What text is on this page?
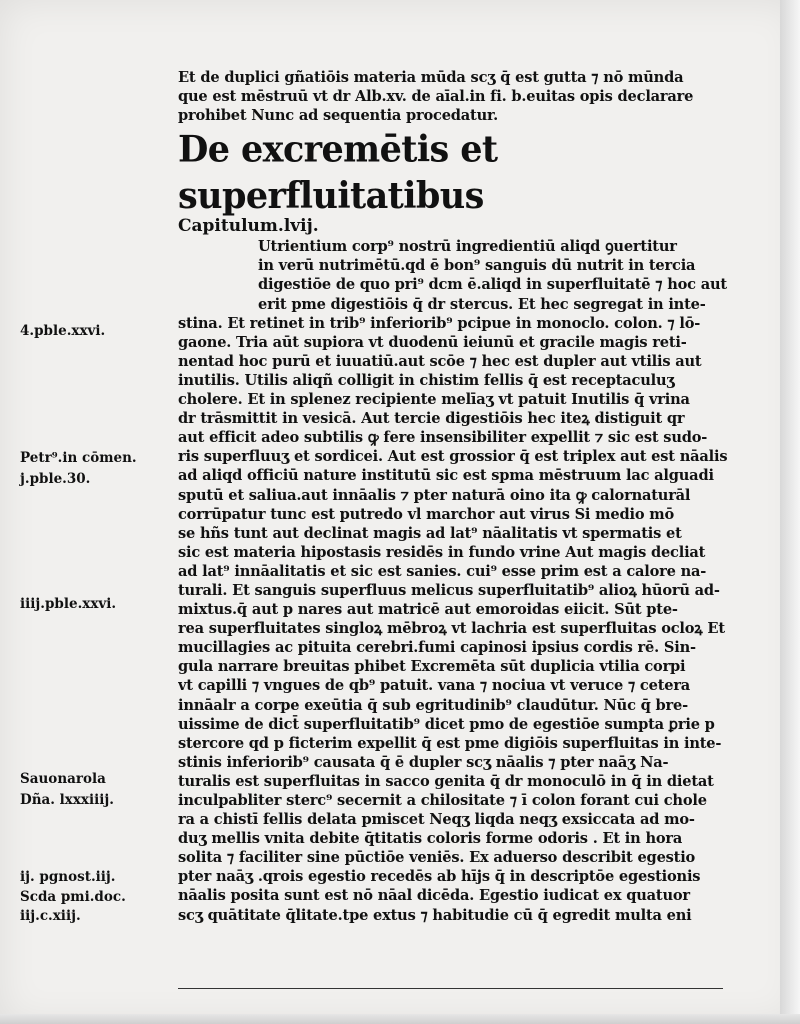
Et de duplici gñatiōis materia mūda scʒ q̄ est gutta ⁊ nō mūnda
que est mēstruū vt dr Alb.xv. de aīal.in fi. b.euitas opis declarare
prohibet Nunc ad sequentia procedatur.
De excremētis et superfluitatibus
Capitulum.lvij.
Utrientium corp⁹ nostrū ingredientiū aliqd ꝯuertitur
in verū nutrimētū.qd ē bon⁹ sanguis dū nutrit in tercia
digestiōe de quo pri⁹ dcm ē.aliqd in superfluitatē ⁊ hoc aut
erit pme digestiōis q̄ dr stercus. Et hec segregat in inte-
stina. Et retinet in trib⁹ inferiorib⁹ pcipue in monoclo. colon. ⁊ lō-
gaone. Tria aūt supiora vt duodenū ieiunū et gracile magis reti-
nentad hoc purū et iuuatiū.aut scōe ⁊ hec est dupler aut vtilis aut
inutilis. Utilis aliqñ colligit in chistim fellis q̄ est receptaculuʒ
cholere. Et in splenez recipiente melīaʒ vt patuit Inutilis q̄ vrina
dr trāsmittit in vesicā. Aut tercie digestiōis hec iteꝝ distiguit qr
aut efficit adeo subtilis ꝙ fere insensibiliter expellit ⁊ sic est sudo-
ris superfluuʒ et sordicei. Aut est grossior q̄ est triplex aut est nāalis
ad aliqd officiū nature institutū sic est spma mēstruum lac alguadi
sputū et saliua.aut innāalis ⁊ pter naturā oino ita ꝙ calornaturāl
corrūpatur tunc est putredo vl marchor aut virus Si medio mō
se hñs tunt aut declinat magis ad lat⁹ nāalitatis vt spermatis et
sic est materia hipostasis residēs in fundo vrine Aut magis decliat
ad lat⁹ innāalitatis et sic est sanies. cui⁹ esse prim est a calore na-
turali. Et sanguis superfluus melicus superfluitatib⁹ alioꝝ hūorū ad-
mixtus.q̄ aut p nares aut matricē aut emoroidas eiicit. Sūt pte-
rea superfluitates singloꝝ mēbroꝝ vt lachria est superfluitas ocloꝝ Et
mucillagies ac pituita cerebri.fumi capinosi ipsius cordis rē. Sin-
gula narrare breuitas phibet Excremēta sūt duplicia vtilia corpi
vt capilli ⁊ vngues de qb⁹ patuit. vana ⁊ nociua vt veruce ⁊ cetera
innāalr a corpe exeūtia q̄ sub egritudinib⁹ claudūtur. Nūc q̄ bre-
uissime de dict̄ superfluitatib⁹ dicet pmo de egestiōe sumpta ꝑrie p
stercore qd p ficterim expellit q̄ est pme digiōis superfluitas in inte-
stinis inferiorib⁹ causata q̄ ē dupler scʒ nāalis ⁊ pter naāʒ Na-
turalis est superfluitas in sacco genita q̄ dr monoculō in q̄ in dietat
inculpabliter sterc⁹ secernit a chilositate ⁊ ī colon forant cui chole
ra a chistī fellis delata pmiscet Neqʒ liqda neqʒ exsiccata ad mo-
duʒ mellis vnita debite q̄titatis coloris forme odoris . Et in hora
solita ⁊ faciliter sine pūctiōe veniēs. Ex aduerso describit egestio
pter naāʒ .qrois egestio recedēs ab hījs q̄ in descriptōe egestionis
nāalis posita sunt est nō nāal dicēda. Egestio iudicat ex quatuor
scʒ quātitate q̄litate.tpe extus ⁊ habitudie cū q̄ egredit multa eni
4.pble.xxvi.
Petr⁹.in cōmen.
j.pble.30.
iiij.pble.xxvi.
Sauonarola
Dña. lxxxiiij.
ij. pgnost.iij.
Scda pmi.doc.
iij.c.xiij.
